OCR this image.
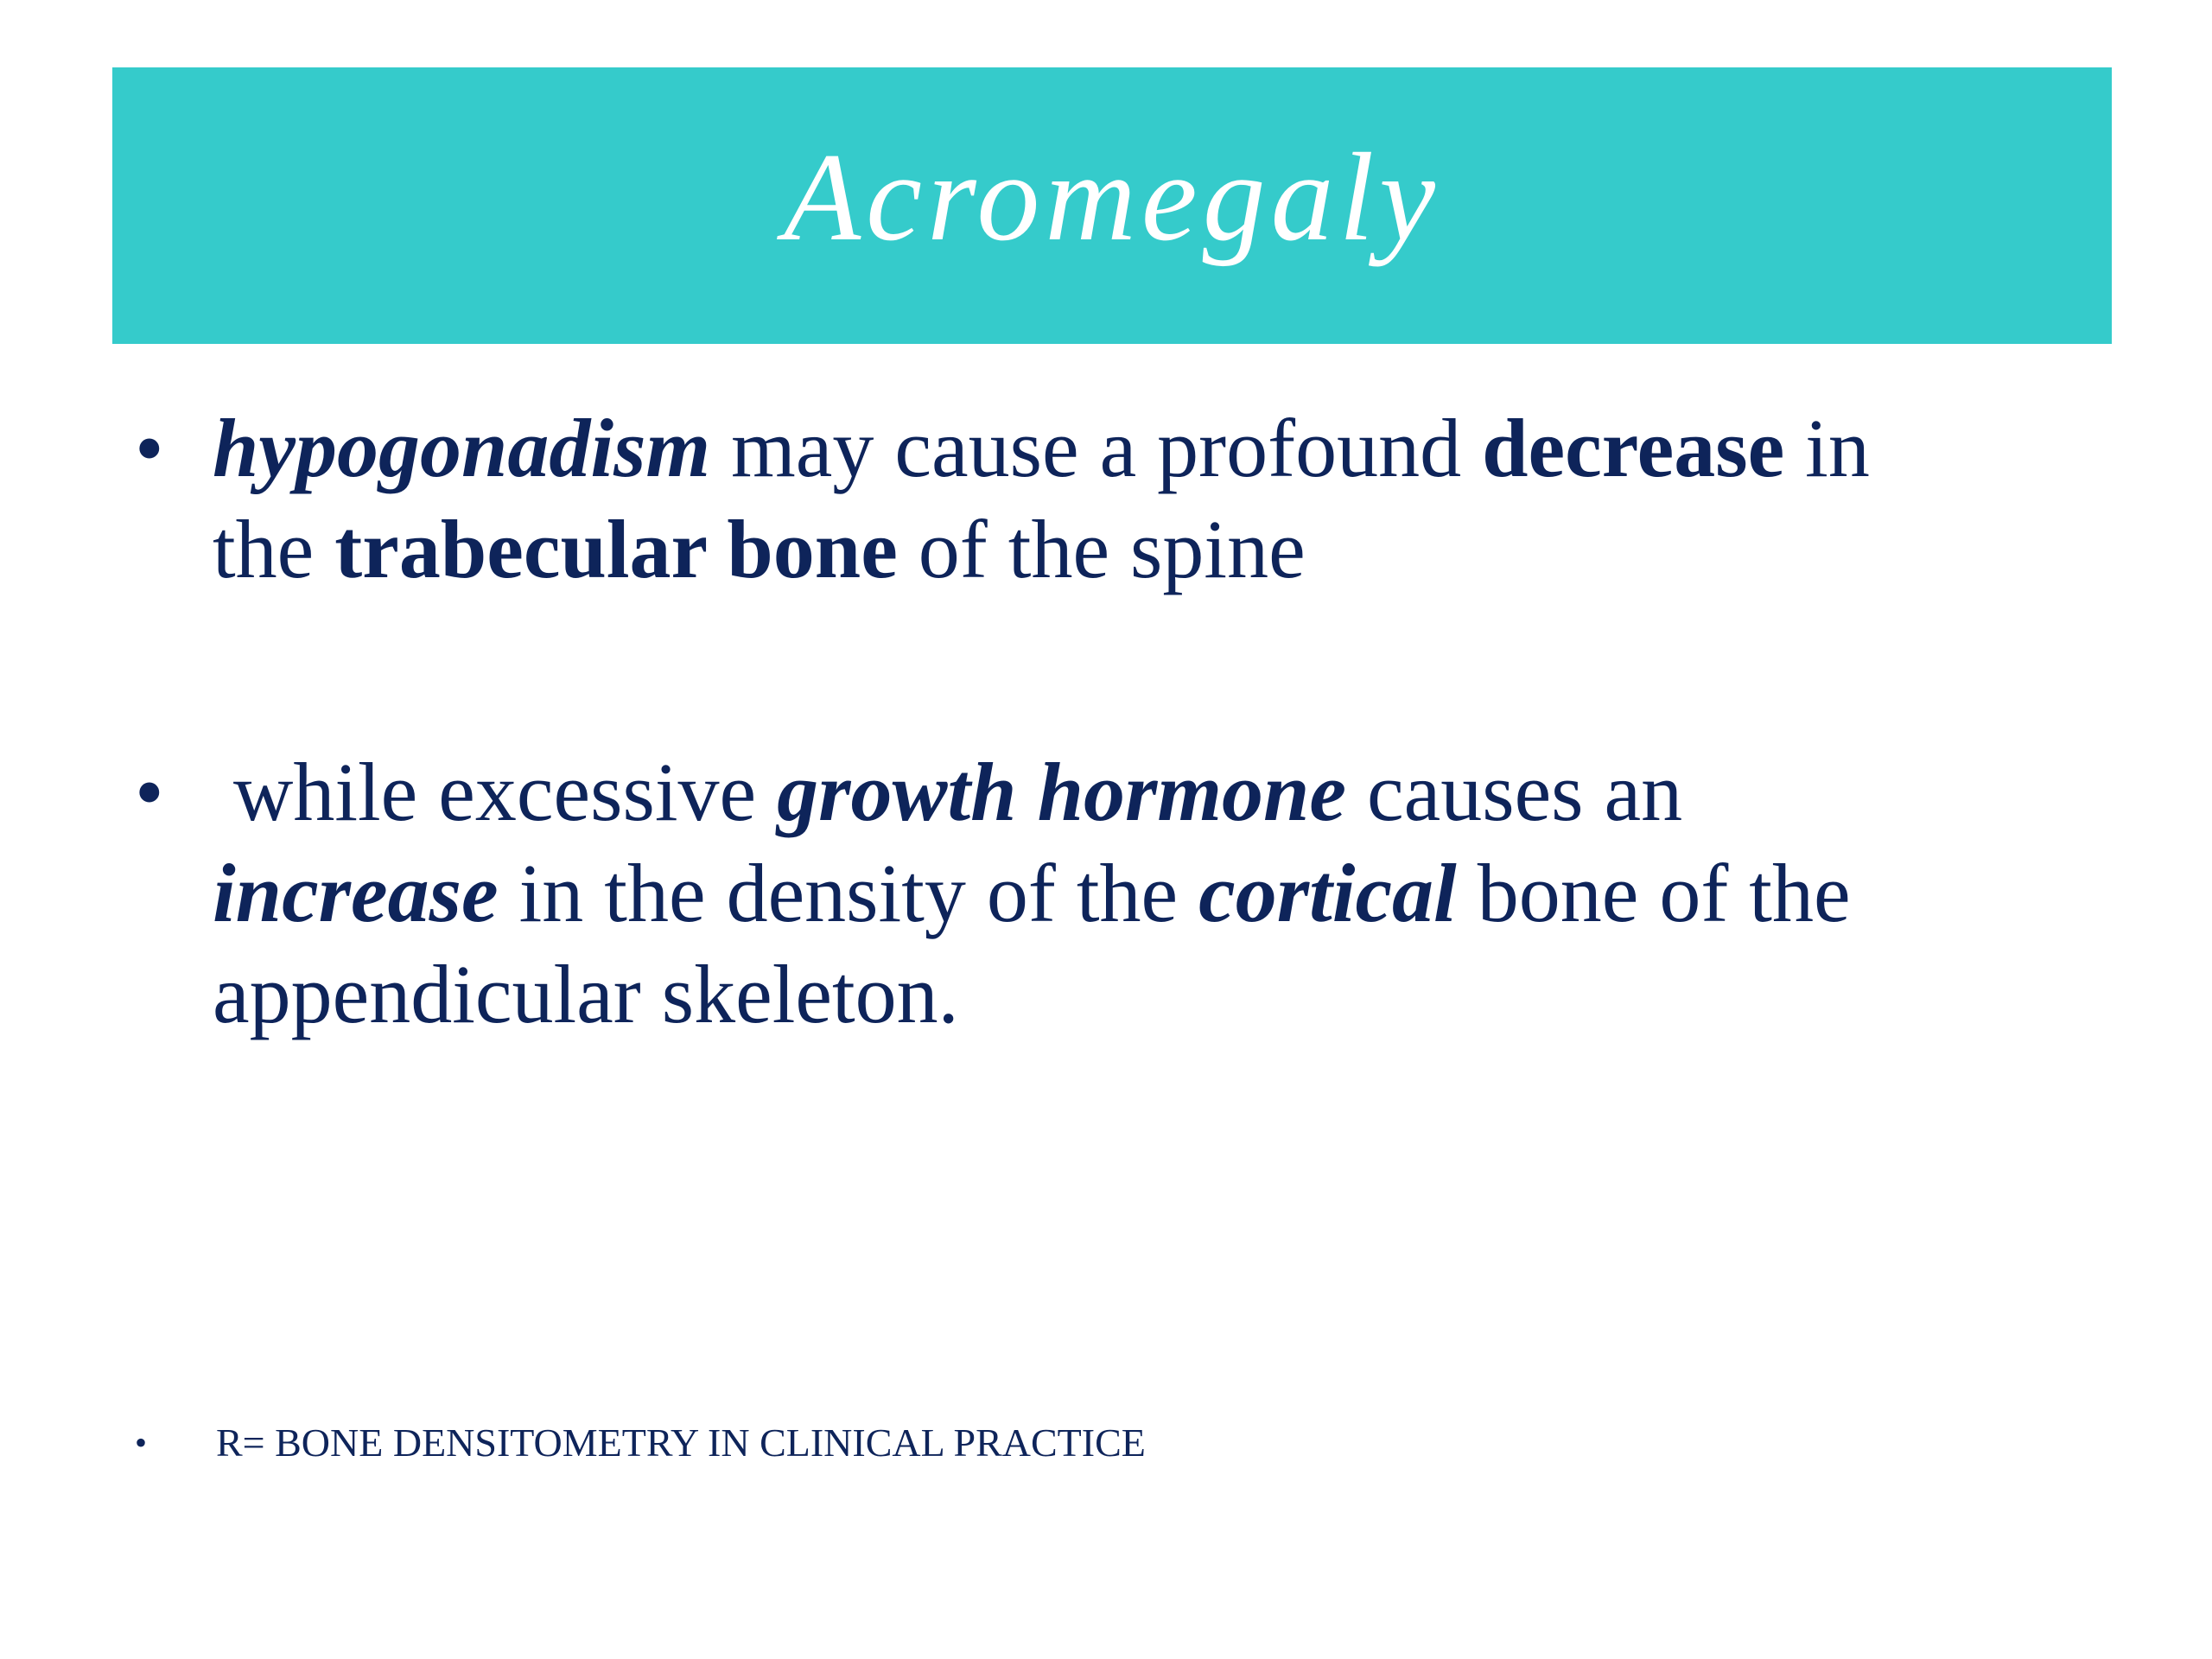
Acromegaly
• hypogonadism may cause a profound decrease in
the trabecular bone of the spine
• while excessive growth hormone causes an
increase in the density of the cortical bone of the
appendicular skeleton.
• R= BONE DENSITOMETRY IN CLINICAL PRACTICE
